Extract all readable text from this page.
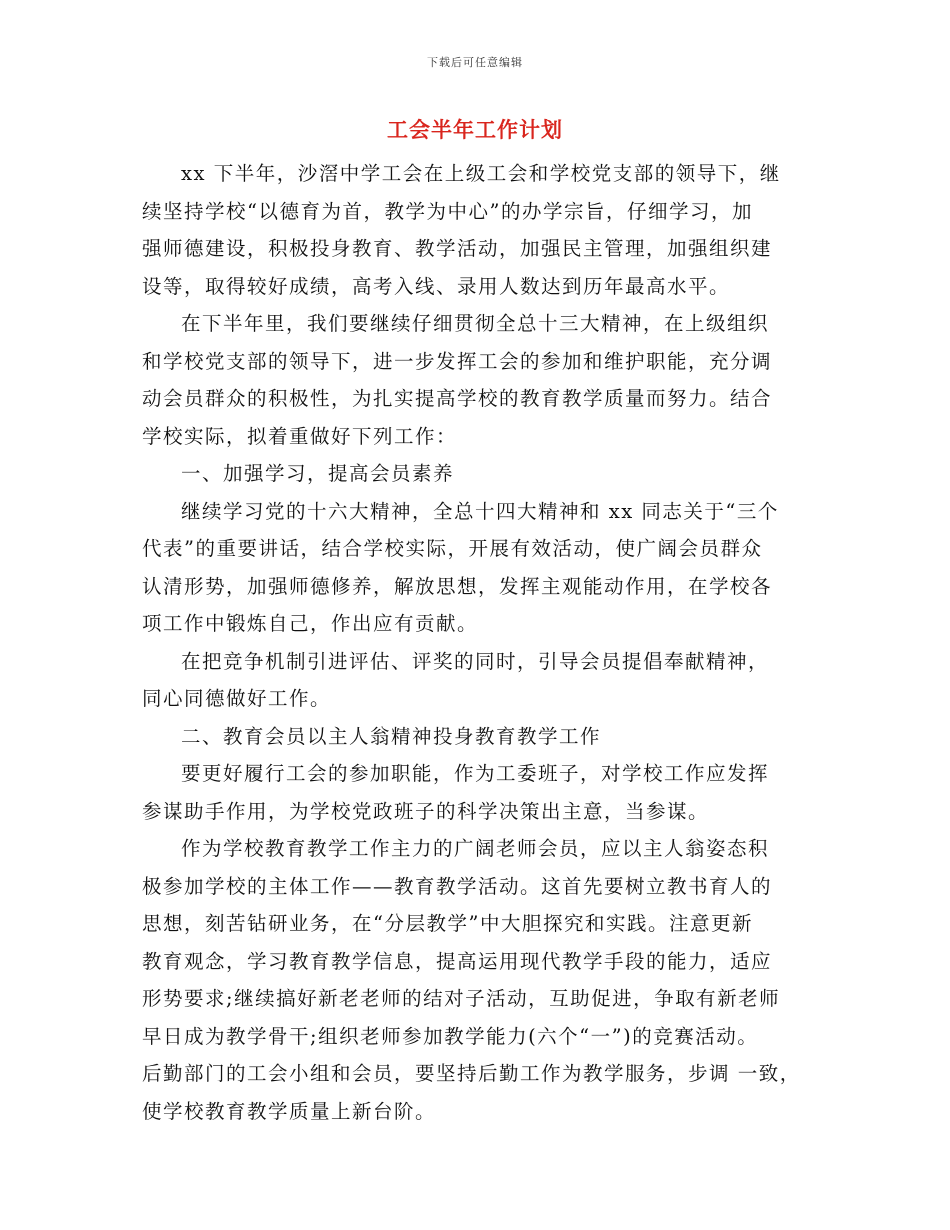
下载后可任意编辑
工会半年工作计划

xx 下半年，沙滘中学工会在上级工会和学校党支部的领导下，继
续坚持学校“以德育为首，教学为中心”的办学宗旨，仔细学习，加
强师德建设，积极投身教育、教学活动，加强民主管理，加强组织建
设等，取得较好成绩，高考入线、录用人数达到历年最高水平。

在下半年里，我们要继续仔细贯彻全总十三大精神，在上级组织
和学校党支部的领导下，进一步发挥工会的参加和维护职能，充分调
动会员群众的积极性，为扎实提高学校的教育教学质量而努力。结合
学校实际，拟着重做好下列工作：

一、加强学习，提高会员素养

继续学习党的十六大精神，全总十四大精神和 xx 同志关于“三个
代表”的重要讲话，结合学校实际，开展有效活动，使广阔会员群众
认清形势，加强师德修养，解放思想，发挥主观能动作用，在学校各
项工作中锻炼自己，作出应有贡献。

在把竞争机制引进评估、评奖的同时，引导会员提倡奉献精神，
同心同德做好工作。

二、教育会员以主人翁精神投身教育教学工作

要更好履行工会的参加职能，作为工委班子，对学校工作应发挥
参谋助手作用，为学校党政班子的科学决策出主意，当参谋。

作为学校教育教学工作主力的广阔老师会员，应以主人翁姿态积
极参加学校的主体工作——教育教学活动。这首先要树立教书育人的
思想，刻苦钻研业务，在“分层教学”中大胆探究和实践。注意更新
教育观念，学习教育教学信息，提高运用现代教学手段的能力，适应
形势要求;继续搞好新老老师的结对子活动，互助促进，争取有新老师
早日成为教学骨干;组织老师参加教学能力(六个“一”)的竞赛活动。
后勤部门的工会小组和会员，要坚持后勤工作为教学服务，步调 一致，
使学校教育教学质量上新台阶。
